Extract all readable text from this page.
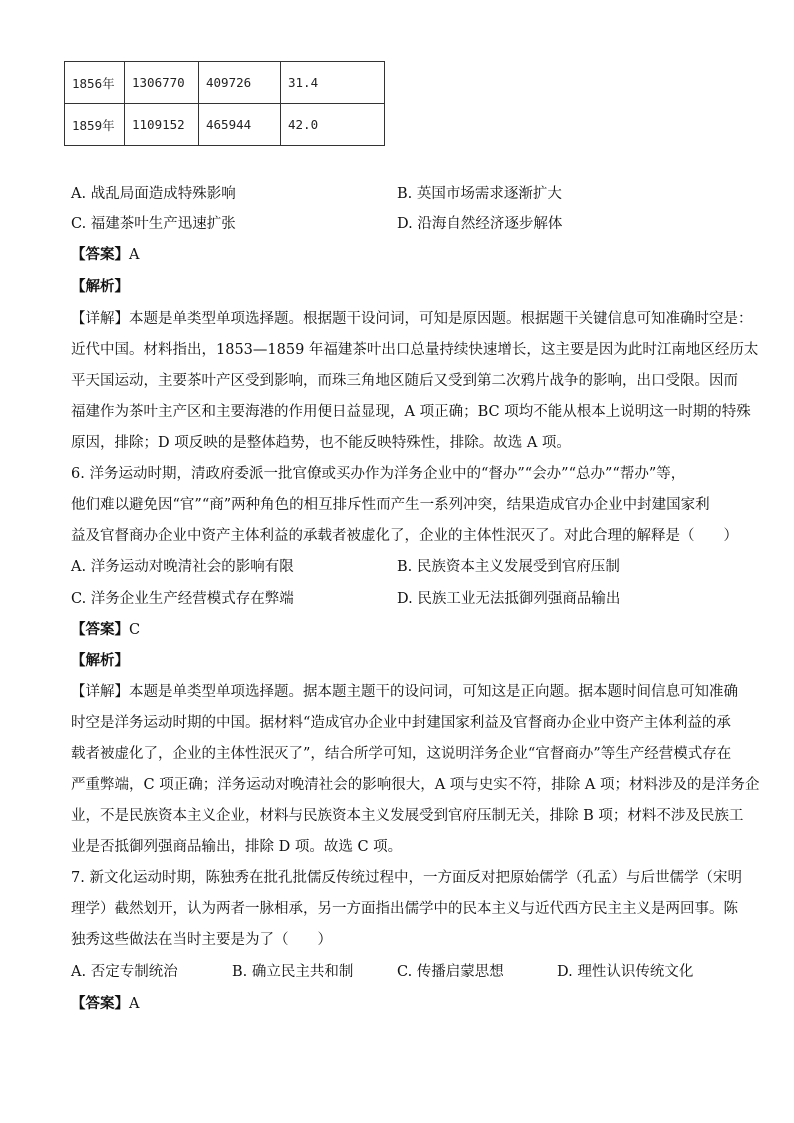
1856年	1306770	409726	31.4
1859年	1109152	465944	42.0
A. 战乱局面造成特殊影响	B. 英国市场需求逐渐扩大
C. 福建茶叶生产迅速扩张	D. 沿海自然经济逐步解体
【答案】A
【解析】
【详解】本题是单类型单项选择题。根据题干设问词，可知是原因题。根据题干关键信息可知准确时空是：
近代中国。材料指出，1853—1859 年福建茶叶出口总量持续快速增长，这主要是因为此时江南地区经历太
平天国运动，主要茶叶产区受到影响，而珠三角地区随后又受到第二次鸦片战争的影响，出口受限。因而
福建作为茶叶主产区和主要海港的作用便日益显现，A 项正确；BC 项均不能从根本上说明这一时期的特殊
原因，排除；D 项反映的是整体趋势，也不能反映特殊性，排除。故选 A 项。
6. 洋务运动时期，清政府委派一批官僚或买办作为洋务企业中的“督办”“会办”“总办”“帮办”等，
他们难以避免因“官”“商”两种角色的相互排斥性而产生一系列冲突，结果造成官办企业中封建国家利
益及官督商办企业中资产主体利益的承载者被虚化了，企业的主体性泯灭了。对此合理的解释是（　　）
A. 洋务运动对晚清社会的影响有限	B. 民族资本主义发展受到官府压制
C. 洋务企业生产经营模式存在弊端	D. 民族工业无法抵御列强商品输出
【答案】C
【解析】
【详解】本题是单类型单项选择题。据本题主题干的设问词，可知这是正向题。据本题时间信息可知准确
时空是洋务运动时期的中国。据材料“造成官办企业中封建国家利益及官督商办企业中资产主体利益的承
载者被虚化了，企业的主体性泯灭了”，结合所学可知，这说明洋务企业“官督商办”等生产经营模式存在
严重弊端，C 项正确；洋务运动对晚清社会的影响很大，A 项与史实不符，排除 A 项；材料涉及的是洋务企
业，不是民族资本主义企业，材料与民族资本主义发展受到官府压制无关，排除 B 项；材料不涉及民族工
业是否抵御列强商品输出，排除 D 项。故选 C 项。
7. 新文化运动时期，陈独秀在批孔批儒反传统过程中，一方面反对把原始儒学（孔孟）与后世儒学（宋明
理学）截然划开，认为两者一脉相承，另一方面指出儒学中的民本主义与近代西方民主主义是两回事。陈
独秀这些做法在当时主要是为了（　　）
A. 否定专制统治	B. 确立民主共和制	C. 传播启蒙思想	D. 理性认识传统文化
【答案】A
